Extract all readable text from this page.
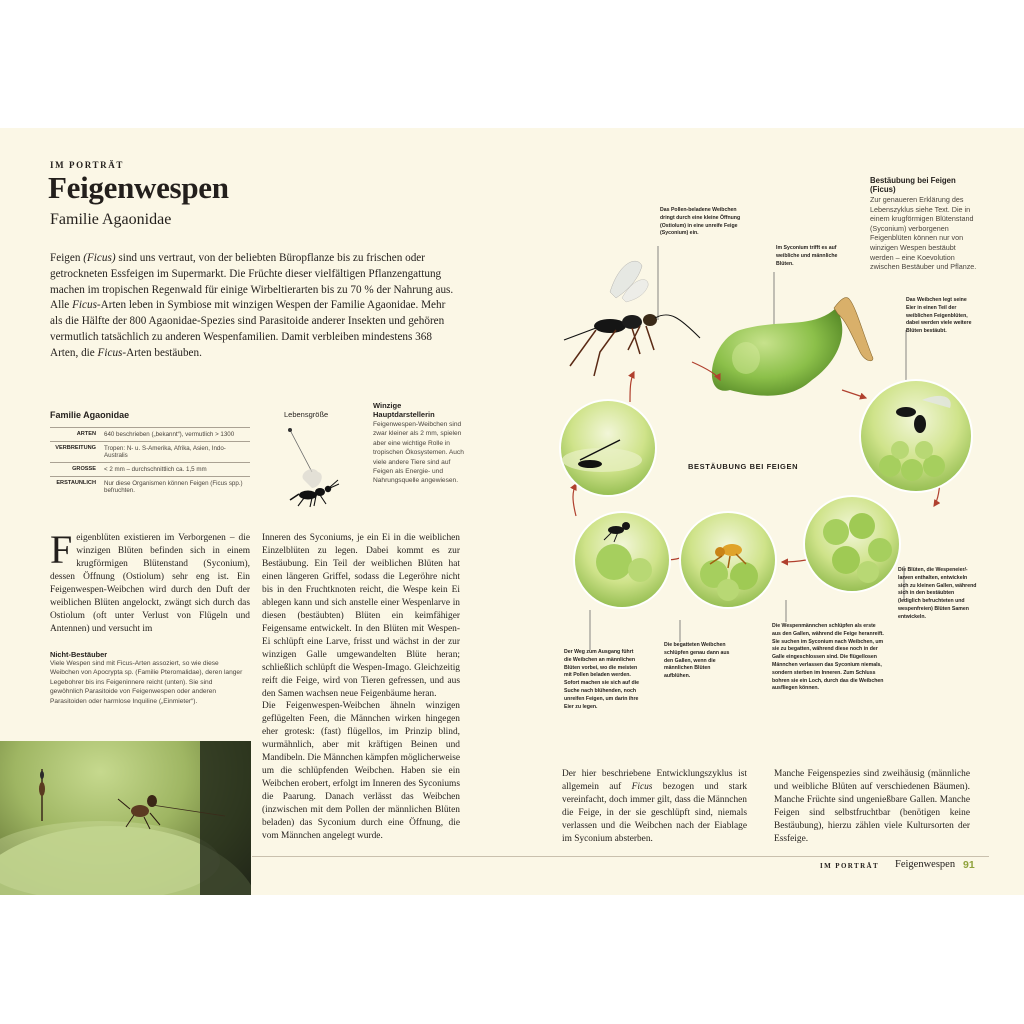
IM PORTRÄT
Feigenwespen
Familie Agaonidae
Feigen (Ficus) sind uns vertraut, von der beliebten Büropflanze bis zu frischen oder getrockneten Essfeigen im Supermarkt. Die Früchte dieser vielfältigen Pflanzengattung machen im tropischen Regenwald für einige Wirbeltierarten bis zu 70 % der Nahrung aus. Alle Ficus-Arten leben in Symbiose mit winzigen Wespen der Familie Agaonidae. Mehr als die Hälfte der 800 Agaonidae-Spezies sind Parasitoide anderer Insekten und gehören vermutlich tatsächlich zu anderen Wespenfamilien. Damit verbleiben mindestens 368 Arten, die Ficus-Arten bestäuben.
Familie Agaonidae
ARTEN	640 beschrieben („bekannt“), vermutlich > 1300
VERBREITUNG	Tropen: N- u. S-Amerika, Afrika, Asien, Indo-Australis
GROSSE	< 2 mm – durchschnittlich ca. 1,5 mm
ERSTAUNLICH	Nur diese Organismen können Feigen (Ficus spp.) befruchten.
Lebensgröße
Winzige Hauptdarstellerin
Feigenwespen-Weibchen sind zwar kleiner als 2 mm, spielen aber eine wichtige Rolle in tropischen Ökosystemen. Auch viele andere Tiere sind auf Feigen als Energie- und Nahrungsquelle angewiesen.
Feigenblüten existieren im Verborgenen – die winzigen Blüten befinden sich in einem krugförmigen Blütenstand (Syconium), dessen Öffnung (Ostiolum) sehr eng ist. Ein Feigenwespen-Weibchen wird durch den Duft der weiblichen Blüten angelockt, zwängt sich durch das Ostiolum (oft unter Verlust von Flügeln und Antennen) und versucht im
Inneren des Syconiums, je ein Ei in die weiblichen Einzelblüten zu legen. Dabei kommt es zur Bestäubung. Ein Teil der weiblichen Blüten hat einen längeren Griffel, sodass die Legeröhre nicht bis in den Fruchtknoten reicht, die Wespe kein Ei ablegen kann und sich anstelle einer Wespenlarve in diesen (bestäubten) Blüten ein keimfähiger Feigensame entwickelt. In den Blüten mit Wespen-Ei schlüpft eine Larve, frisst und wächst in der zur winzigen Galle umgewandelten Blüte heran; schließlich schlüpft die Wespen-Imago. Gleichzeitig reift die Feige, wird von Tieren gefressen, und aus den Samen wachsen neue Feigenbäume heran.
Die Feigenwespen-Weibchen ähneln winzigen geflügelten Feen, die Männchen wirken hingegen eher grotesk: (fast) flügellos, im Prinzip blind, wurmähnlich, aber mit kräftigen Beinen und Mandibeln. Die Männchen kämpfen möglicherweise um die schlüpfenden Weibchen. Haben sie ein Weibchen erobert, erfolgt im Inneren des Syconiums die Paarung. Danach verlässt das Weibchen (inzwischen mit dem Pollen der männlichen Blüten beladen) das Syconium durch eine Öffnung, die vom Männchen angelegt wurde.
Nicht-Bestäuber
Viele Wespen sind mit Ficus-Arten assoziert, so wie diese Weibchen von Apocrypta sp. (Familie Pteromalidae), deren langer Legebohrer bis ins Feigeninnere reicht (unten). Sie sind gewöhnlich Parasitoide von Feigenwespen oder anderen Parasitoiden oder harmlose Inquiline („Einmieter“).
Bestäubung bei Feigen (Ficus)
Zur genaueren Erklärung des Lebenszyklus siehe Text. Die in einem krugförmigen Blütenstand (Syconium) verborgenen Feigenblüten können nur von winzigen Wespen bestäubt werden – eine Koevolution zwischen Bestäuber und Pflanze.
BESTÄUBUNG BEI FEIGEN
Das Pollen-beladene Weibchen dringt durch eine kleine Öffnung (Ostiolum) in eine unreife Feige (Syconium) ein.
Im Syconium trifft es auf weibliche und männliche Blüten.
Das Weibchen legt seine Eier in einen Teil der weiblichen Feigenblüten, dabei werden viele weitere Blüten bestäubt.
Die Blüten, die Wespeneier/-larven enthalten, entwickeln sich zu kleinen Gallen, während sich in den bestäubten (lediglich befruchteten und wespenfreien) Blüten Samen entwickeln.
Die Wespenmännchen schlüpfen als erste aus den Gallen, während die Feige heranreift. Sie suchen im Syconium nach Weibchen, um sie zu begatten, während diese noch in der Galle eingeschlossen sind. Die flügellosen Männchen verlassen das Syconium niemals, sondern sterben im Inneren. Zum Schluss bohren sie ein Loch, durch das die Weibchen ausfliegen können.
Die begatteten Weibchen schlüpfen genau dann aus den Gallen, wenn die männlichen Blüten aufblühen.
Der Weg zum Ausgang führt die Weibchen an männlichen Blüten vorbei, wo die meisten mit Pollen beladen werden. Sofort machen sie sich auf die Suche nach blühenden, noch unreifen Feigen, um darin ihre Eier zu legen.
Der hier beschriebene Entwicklungszyklus ist allgemein auf Ficus bezogen und stark vereinfacht, doch immer gilt, dass die Männchen die Feige, in der sie geschlüpft sind, niemals verlassen und die Weibchen nach der Eiablage im Syconium absterben.
Manche Feigenspezies sind zweihäusig (männliche und weibliche Blüten auf verschiedenen Bäumen). Manche Früchte sind ungenießbare Gallen. Manche Feigen sind selbstfruchtbar (benötigen keine Bestäubung), hierzu zählen viele Kultursorten der Essfeige.
IM PORTRÄT Feigenwespen 91
